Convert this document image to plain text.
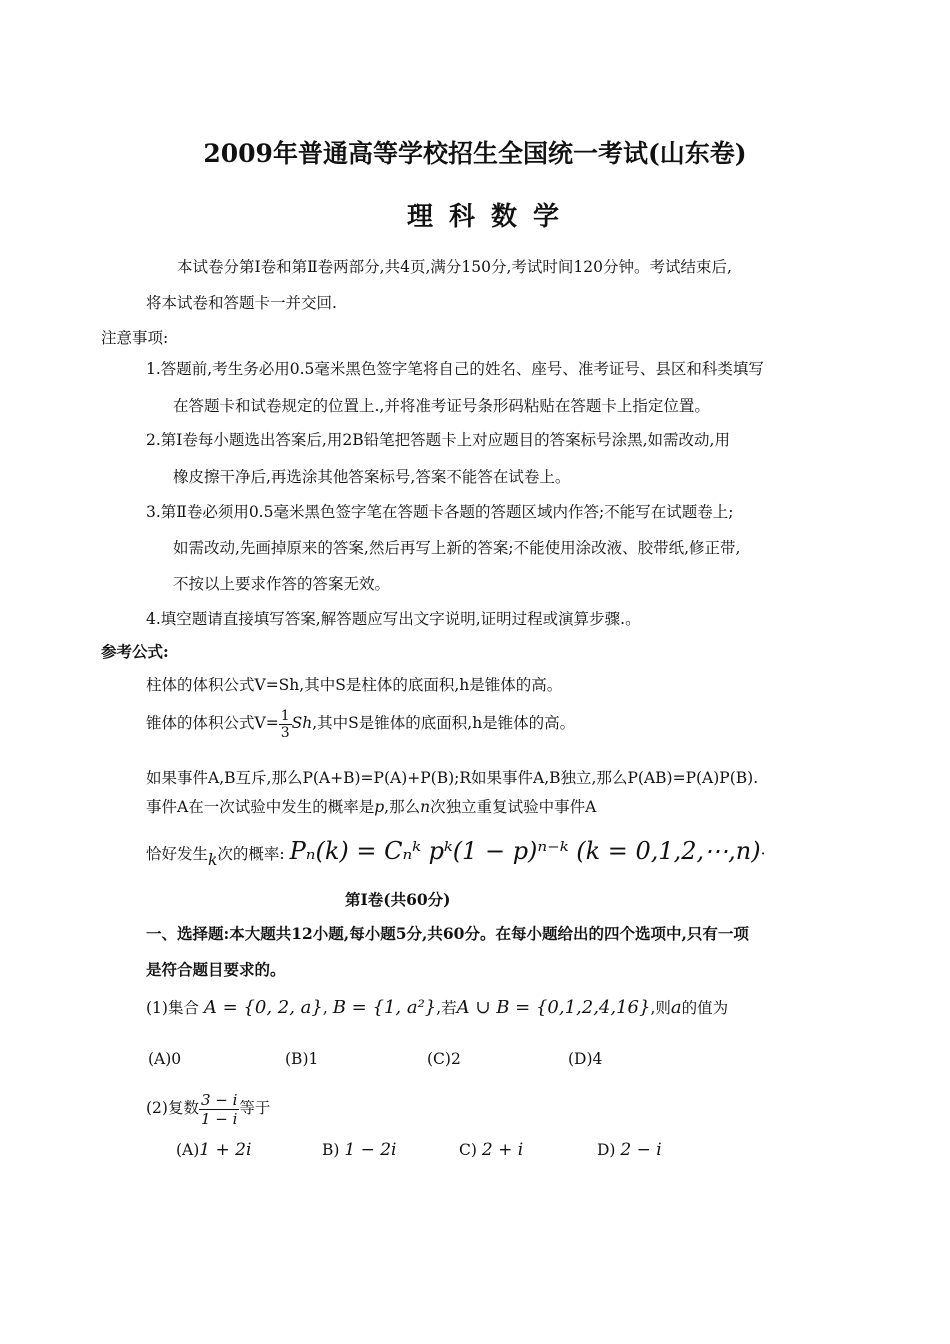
2009年普通高等学校招生全国统一考试(山东卷)
理科数学
本试卷分第Ⅰ卷和第Ⅱ卷两部分,共4页,满分150分,考试时间120分钟。考试结束后,
将本试卷和答题卡一并交回.
注意事项:
1.答题前,考生务必用0.5毫米黑色签字笔将自己的姓名、座号、准考证号、县区和科类填写
在答题卡和试卷规定的位置上.,并将准考证号条形码粘贴在答题卡上指定位置。
2.第Ⅰ卷每小题选出答案后,用2B铅笔把答题卡上对应题目的答案标号涂黑,如需改动,用
橡皮擦干净后,再选涂其他答案标号,答案不能答在试卷上。
3.第Ⅱ卷必须用0.5毫米黑色签字笔在答题卡各题的答题区域内作答;不能写在试题卷上;
如需改动,先画掉原来的答案,然后再写上新的答案;不能使用涂改液、胶带纸,修正带,
不按以上要求作答的答案无效。
4.填空题请直接填写答案,解答题应写出文字说明,证明过程或演算步骤.。
参考公式:
柱体的体积公式V=Sh,其中S是柱体的底面积,h是锥体的高。
锥体的体积公式$V= \frac{1}{3} Sh$,其中S是锥体的底面积,h是锥体的高。
如果事件A,B互斥,那么P(A+B)=P(A)+P(B);R如果事件A,B独立,那么P(AB)=P(A)P(B).
事件A在一次试验中发生的概率是p,那么n次独立重复试验中事件A
恰好发生k次的概率: Pₙ(k) = Cₙᵏ pᵏ(1 − p)ⁿ⁻ᵏ (k = 0,1,2,⋯,n)·
第Ⅰ卷(共60分)
一、选择题:本大题共12小题,每小题5分,共60分。在每小题给出的四个选项中,只有一项
是符合题目要求的。
(1)集合 A = {0, 2, a}, B = {1, a²},若A ∪ B = {0,1,2,4,16},则a的值为
(A)0	(B)1	(C)2	(D)4
(2)复数 $\frac{3 - i}{1 - i}$ 等于
(A)1 + 2i	B) 1 − 2i	C) 2 + i	D) 2 − i
